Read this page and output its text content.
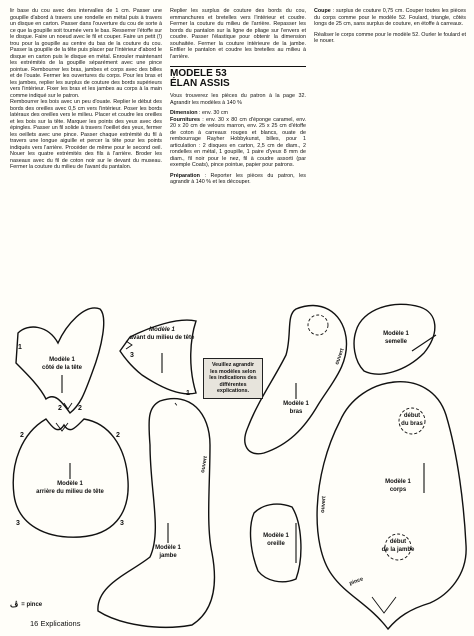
lir base du cou avec des intervalles de 1 cm. Passer une goupille d'abord à travers une rondelle en métal puis à travers un disque en carton. Passer dans l'ouverture du cou de sorte à ce que la goupille soit tournée vers le bas. Resserrer l'étoffe sur le disque. Faire un noeud avec le fil et couper. Faire un petit (!) trou pour la goupille au centre du bas de la couture du cou. Passer la goupille de la tête puis placer par l'intérieur d'abord le disque en carton puis le disque en métal. Enrouler maintenant les extrémités de la goupille séparément avec une pince pointue. Rembourrer les bras, jambes et corps avec des billes et de l'ouate. Fermer les ouvertures du corps. Pour les bras et les jambes, replier les surplus de couture des bords supérieurs vers l'intérieur. Fixer les bras et les jambes au corps à la main comme indiqué sur le patron.

Rembourrer les bois avec un peu d'ouate. Replier le début des bords des oreilles avec 0,5 cm vers l'intérieur. Poser les bords latéraux des oreilles vers le milieu. Placer et coudre les oreilles et les bois sur la tête. Marquer les points des yeux avec des épingles. Passer un fil solide à travers l'oeillet des yeux, fermer les oeillets avec une pince. Passer chaque extrémité du fil à travers une longue aiguille et percer la tête pour les points indiqués vers l'arrière. Procéder de même pour le second oeil. Nouer les quatre extrémités des fils à l'arrière. Broder les naseaux avec du fil de coton noir sur le devant du museau. Fermer la couture du milieu de l'avant du pantalon.

Replier les surplus de couture des bords du cou, emmanchures et bretelles vers l'intérieur et coudre. Fermer la couture du milieu de l'arrière. Repasser les bords du pantalon sur la ligne de pliage sur l'envers et coudre. Passer l'élastique pour obtenir la dimension souhaitée. Fermer la couture intérieure de la jambe. Enfiler le pantalon et coudre les bretelles au milieu à l'arrière.

MODELE 53
ÉLAN ASSIS

Vous trouverez les pièces du patron à la page 32. Agrandir les modèles à 140 %

Dimension : env. 30 cm

Fournitures : env. 30 x 80 cm d'éponge caramel, env. 20 x 20 cm de velours marron, env. 25 x 25 cm d'étoffe de coton à carreaux rouges et blancs, ouate de rembourrage Rayher Hobbykunst, billes, pour 1 articulation : 2 disques en carton, 2,5 cm de diam., 2 rondelles en métal, 1 goupille, 1 paire d'yeux 8 mm de diam., fil noir pour le nez, fil à coudre assorti (par exemple Coats), pince pointue, papier pour patrons.

Préparation : Reporter les pièces du patron, les agrandir à 140 % et les découper.

Coupe : surplus de couture 0,75 cm. Couper toutes les pièces du corps comme pour le modèle 52. Foulard, triangle, côtés longs de 25 cm, sans surplus de couture, en étoffe à carreaux.

Réaliser le corps comme pour le modèle 52. Ourler le foulard et le nouer.

Modèle 1
côté de la tête
1
2 2
Modèle 1
avant du milieu de tête
3
1
Modèle 1
arrière du milieu de tête
2	2
3	3
Modèle 1
jambe
ouvert
Modèle 1
oreille
Modèle 1
bras
ouvert
Modèle 1
semelle
début
du bras
début
de la jambe
Modèle 1
corps
pince
ouvert
Veuillez agrandir les modèles selon les indications des différentes explications.
ڤ = pince
16 Explications
